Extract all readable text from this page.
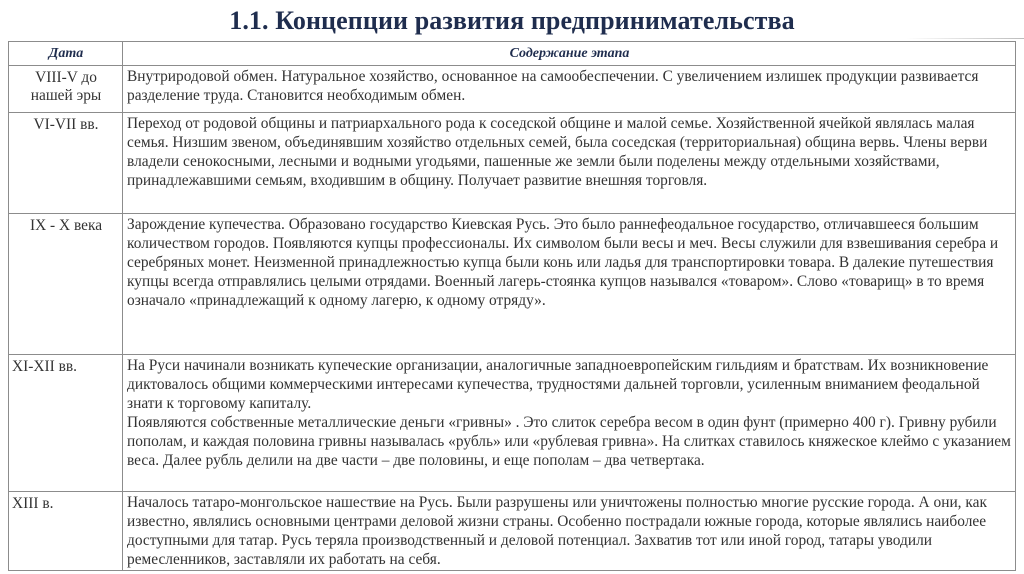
1.1. Концепции развития предпринимательства
Дата	Содержание этапа
VIII-V до нашей эры	Внутриродовой обмен. Натуральное хозяйство, основанное на самообеспечении. С увеличением излишек продукции развивается разделение труда. Становится необходимым обмен.

VI-VII вв.	Переход от родовой общины и патриархального рода к соседской общине и малой семье. Хозяйственной ячейкой являлась малая семья. Низшим звеном, объединявшим хозяйство отдельных семей, была соседская (территориальная) община вервь. Члены верви владели сенокосными, лесными и водными угодьями, пашенные же земли были поделены между отдельными хозяйствами, принадлежавшими семьям, входившим в общину. Получает развитие внешняя торговля.

IX - X века	Зарождение купечества. Образовано государство Киевская Русь. Это было раннефеодальное государство, отличавшееся большим количеством городов. Появляются купцы профессионалы. Их символом были весы и меч. Весы служили для взвешивания серебра и серебряных монет. Неизменной принадлежностью купца были конь или ладья для транспортировки товара. В далекие путешествия купцы всегда отправлялись целыми отрядами. Военный лагерь-стоянка купцов назывался «товаром». Слово «товарищ» в то время означало «принадлежащий к одному лагерю, к одному отряду».

XI-XII вв.	На Руси начинали возникать купеческие организации, аналогичные западноевропейским гильдиям и братствам. Их возникновение диктовалось общими коммерческими интересами купечества, трудностями дальней торговли, усиленным вниманием феодальной знати к торговому капиталу.
Появляются собственные металлические деньги «гривны» . Это слиток серебра весом в один фунт (примерно 400 г). Гривну рубили пополам, и каждая половина гривны называлась «рубль» или «рублевая гривна». На слитках ставилось княжеское клеймо с указанием веса. Далее рубль делили на две части – две половины, и еще пополам – два четвертака.

XIII в.	Началось татаро-монгольское нашествие на Русь. Были разрушены или уничтожены полностью многие русские города. А они, как известно, являлись основными центрами деловой жизни страны. Особенно пострадали южные города, которые являлись наиболее доступными для татар. Русь теряла производственный и деловой потенциал. Захватив тот или иной город, татары уводили ремесленников, заставляли их работать на себя.
